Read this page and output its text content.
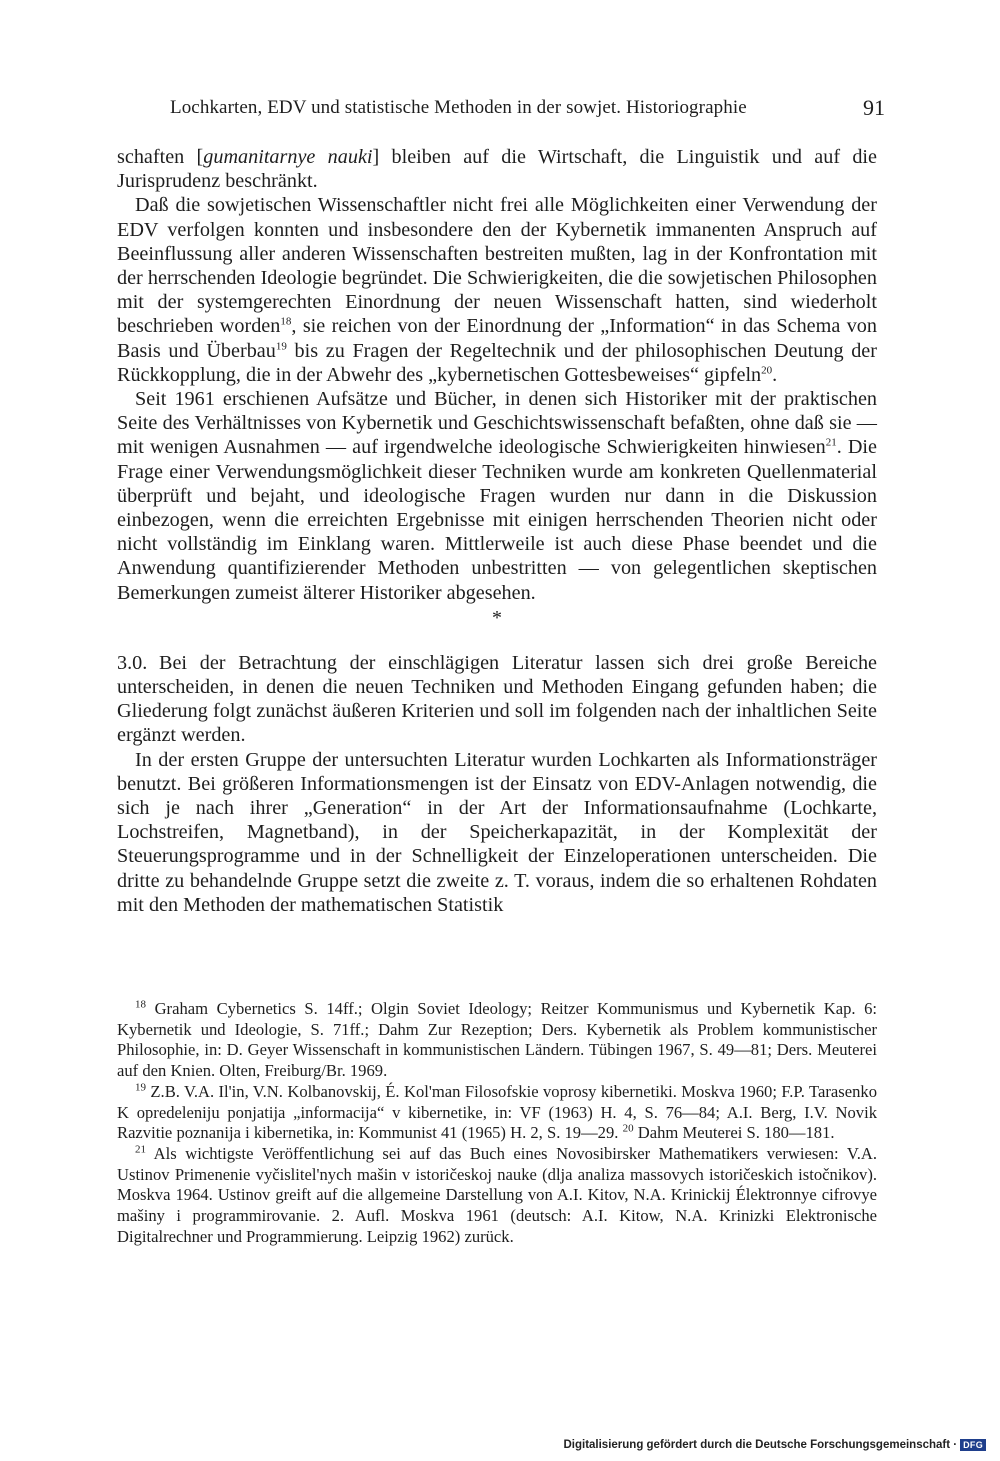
Lochkarten, EDV und statistische Methoden in der sowjet. Historiographie	91

schaften [gumanitarnye nauki] bleiben auf die Wirtschaft, die Linguistik und auf die Jurisprudenz beschränkt.

Daß die sowjetischen Wissenschaftler nicht frei alle Möglichkeiten einer Verwendung der EDV verfolgen konnten und insbesondere den der Kybernetik immanenten Anspruch auf Beeinflussung aller anderen Wissenschaften bestreiten mußten, lag in der Konfrontation mit der herrschenden Ideologie begründet. Die Schwierigkeiten, die die sowjetischen Philosophen mit der systemgerechten Einordnung der neuen Wissenschaft hatten, sind wiederholt beschrieben worden$^{18}$, sie reichen von der Einordnung der „Information“ in das Schema von Basis und Überbau$^{19}$ bis zu Fragen der Regeltechnik und der philosophischen Deutung der Rückkopplung, die in der Abwehr des „kybernetischen Gottesbeweises“ gipfeln$^{20}$.

Seit 1961 erschienen Aufsätze und Bücher, in denen sich Historiker mit der praktischen Seite des Verhältnisses von Kybernetik und Geschichtswissenschaft befaßten, ohne daß sie — mit wenigen Ausnahmen — auf irgendwelche ideologische Schwierigkeiten hinwiesen$^{21}$. Die Frage einer Verwendungsmöglichkeit dieser Techniken wurde am konkreten Quellenmaterial überprüft und bejaht, und ideologische Fragen wurden nur dann in die Diskussion einbezogen, wenn die erreichten Ergebnisse mit einigen herrschenden Theorien nicht oder nicht vollständig im Einklang waren. Mittlerweile ist auch diese Phase beendet und die Anwendung quantifizierender Methoden unbestritten — von gelegentlichen skeptischen Bemerkungen zumeist älterer Historiker abgesehen.

*

3.0. Bei der Betrachtung der einschlägigen Literatur lassen sich drei große Bereiche unterscheiden, in denen die neuen Techniken und Methoden Eingang gefunden haben; die Gliederung folgt zunächst äußeren Kriterien und soll im folgenden nach der inhaltlichen Seite ergänzt werden.

In der ersten Gruppe der untersuchten Literatur wurden Lochkarten als Informationsträger benutzt. Bei größeren Informationsmengen ist der Einsatz von EDV-Anlagen notwendig, die sich je nach ihrer „Generation“ in der Art der Informationsaufnahme (Lochkarte, Lochstreifen, Magnetband), in der Speicherkapazität, in der Komplexität der Steuerungsprogramme und in der Schnelligkeit der Einzeloperationen unterscheiden. Die dritte zu behandelnde Gruppe setzt die zweite z. T. voraus, indem die so erhaltenen Rohdaten mit den Methoden der mathematischen Statistik

$^{18}$ Graham Cybernetics S. 14ff.; Olgin Soviet Ideology; Reitzer Kommunismus und Kybernetik Kap. 6: Kybernetik und Ideologie, S. 71ff.; Dahm Zur Rezeption; Ders. Kybernetik als Problem kommunistischer Philosophie, in: D. Geyer Wissenschaft in kommunistischen Ländern. Tübingen 1967, S. 49—81; Ders. Meuterei auf den Knien. Olten, Freiburg/Br. 1969.

$^{19}$ Z.B. V.A. Il'in, V.N. Kolbanovskij, É. Kol'man Filosofskie voprosy kibernetiki. Moskva 1960; F.P. Tarasenko K opredeleniju ponjatija „informacija“ v kibernetike, in: VF (1963) H. 4, S. 76—84; A.I. Berg, I.V. Novik Razvitie poznanija i kibernetika, in: Kommunist 41 (1965) H. 2, S. 19—29. $^{20}$ Dahm Meuterei S. 180—181.

$^{21}$ Als wichtigste Veröffentlichung sei auf das Buch eines Novosibirsker Mathematikers verwiesen: V.A. Ustinov Primenenie vyčislitel'nych mašin v istoričeskoj nauke (dlja analiza massovych istoričeskich istočnikov). Moskva 1964. Ustinov greift auf die allgemeine Darstellung von A.I. Kitov, N.A. Krinickij Élektronnye cifrovye mašiny i programmirovanie. 2. Aufl. Moskva 1961 (deutsch: A.I. Kitow, N.A. Krinizki Elektronische Digitalrechner und Programmierung. Leipzig 1962) zurück.

Digitalisierung gefördert durch die Deutsche Forschungsgemeinschaft · DFG
